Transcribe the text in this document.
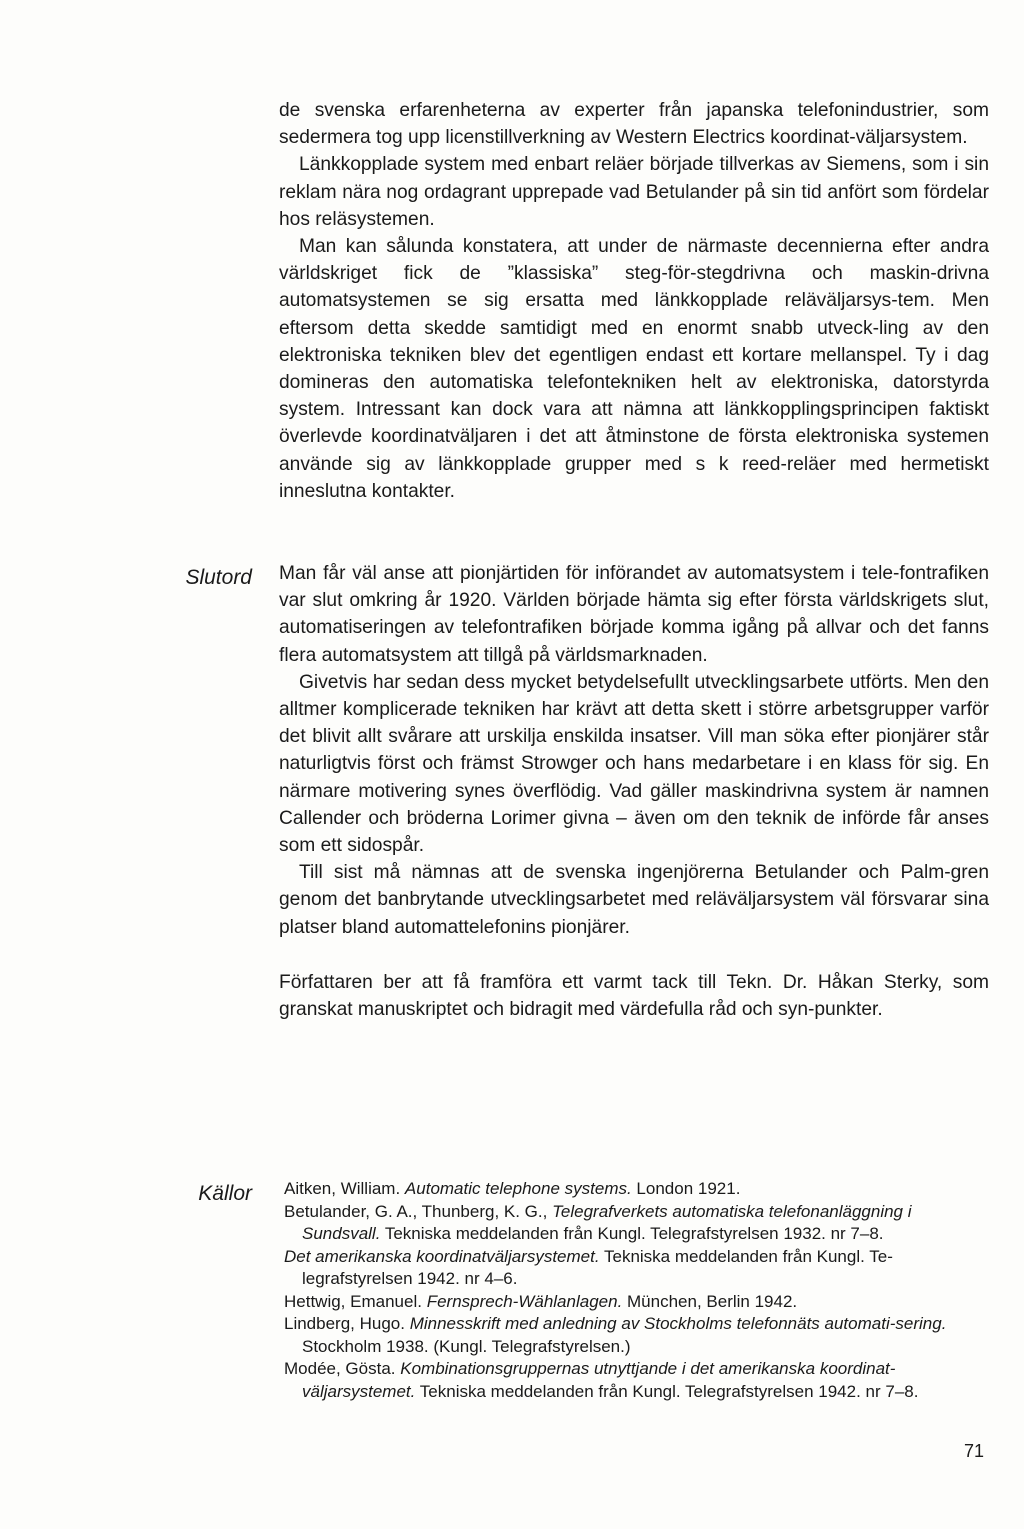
de svenska erfarenheterna av experter från japanska telefonindustrier, som sedermera tog upp licenstillverkning av Western Electrics koordinat-väljarsystem.

Länkkopplade system med enbart reläer började tillverkas av Siemens, som i sin reklam nära nog ordagrant upprepade vad Betulander på sin tid anfört som fördelar hos reläsystemen.

Man kan sålunda konstatera, att under de närmaste decennierna efter andra världskriget fick de ”klassiska” steg-för-stegdrivna och maskin-drivna automatsystemen se sig ersatta med länkkopplade reläväljarsys-tem. Men eftersom detta skedde samtidigt med en enormt snabb utveck-ling av den elektroniska tekniken blev det egentligen endast ett kortare mellanspel. Ty i dag domineras den automatiska telefontekniken helt av elektroniska, datorstyrda system. Intressant kan dock vara att nämna att länkkopplingsprincipen faktiskt överlevde koordinatväljaren i det att åtminstone de första elektroniska systemen använde sig av länkkopplade grupper med s k reed-reläer med hermetiskt inneslutna kontakter.

Slutord Man får väl anse att pionjärtiden för införandet av automatsystem i tele-fontrafiken var slut omkring år 1920. Världen började hämta sig efter första världskrigets slut, automatiseringen av telefontrafiken började komma igång på allvar och det fanns flera automatsystem att tillgå på världsmarknaden.

Givetvis har sedan dess mycket betydelsefullt utvecklingsarbete utförts. Men den alltmer komplicerade tekniken har krävt att detta skett i större arbetsgrupper varför det blivit allt svårare att urskilja enskilda insatser. Vill man söka efter pionjärer står naturligtvis först och främst Strowger och hans medarbetare i en klass för sig. En närmare motivering synes överflödig. Vad gäller maskindrivna system är namnen Callender och bröderna Lorimer givna – även om den teknik de införde får anses som ett sidospår.

Till sist må nämnas att de svenska ingenjörerna Betulander och Palm-gren genom det banbrytande utvecklingsarbetet med reläväljarsystem väl försvarar sina platser bland automattelefonins pionjärer.

Författaren ber att få framföra ett varmt tack till Tekn. Dr. Håkan Sterky, som granskat manuskriptet och bidragit med värdefulla råd och syn-punkter.

Källor Aitken, William. Automatic telephone systems. London 1921.

Betulander, G. A., Thunberg, K. G., Telegrafverkets automatiska telefonanläggning i Sundsvall. Tekniska meddelanden från Kungl. Telegrafstyrelsen 1932. nr 7–8.

Det amerikanska koordinatväljarsystemet. Tekniska meddelanden från Kungl. Te-legrafstyrelsen 1942. nr 4–6.

Hettwig, Emanuel. Fernsprech-Wählanlagen. München, Berlin 1942.

Lindberg, Hugo. Minnesskrift med anledning av Stockholms telefonnäts automati-sering. Stockholm 1938. (Kungl. Telegrafstyrelsen.)

Modée, Gösta. Kombinationsgruppernas utnyttjande i det amerikanska koordinat-väljarsystemet. Tekniska meddelanden från Kungl. Telegrafstyrelsen 1942. nr 7–8.

71
